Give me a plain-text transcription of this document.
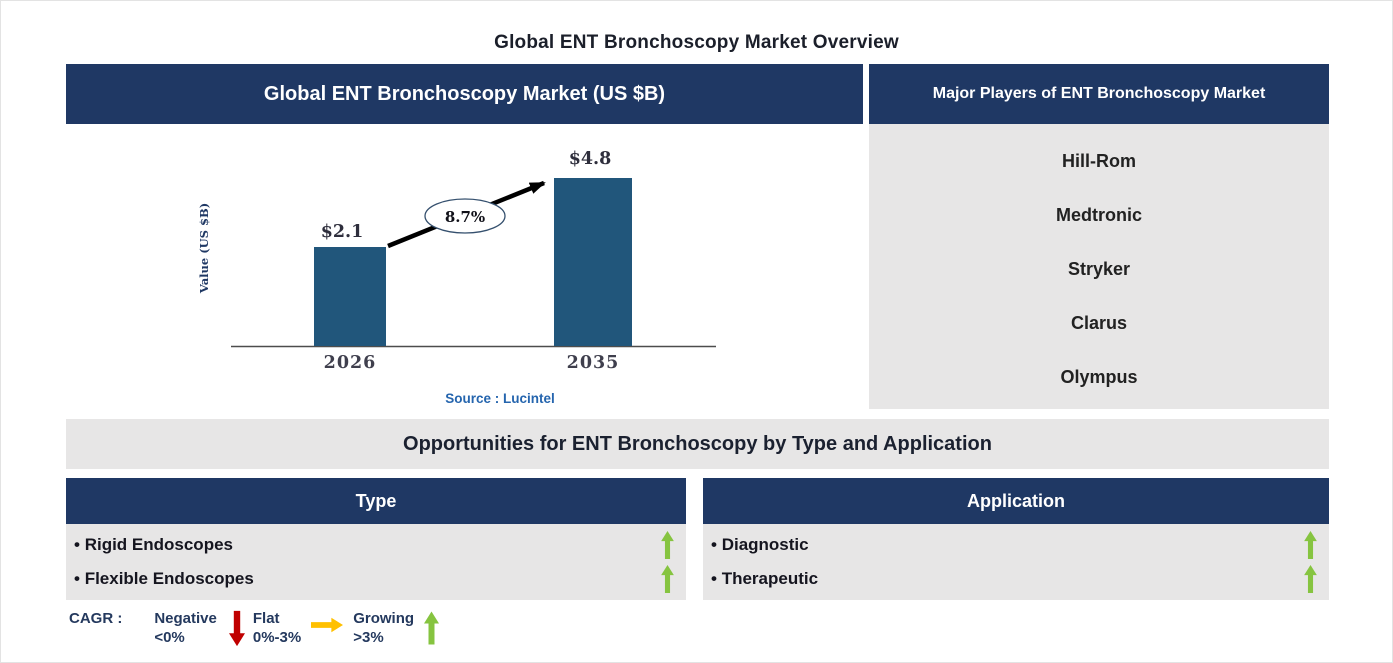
Global ENT Bronchoscopy Market Overview
Global ENT Bronchoscopy Market (US $B)	Major Players of ENT Bronchoscopy Market
Hill-Rom
Medtronic
Stryker
Clarus
Olympus
Value (US $B)	8.7%
$2.1
$4.8
2026	2035
Source : Lucintel
Opportunities for ENT Bronchoscopy by Type and Application
Type	Application
• Rigid Endoscopes
• Flexible Endoscopes
• Diagnostic
• Therapeutic
CAGR : Negative
<0%
Flat
0%-3%
Growing
>3%
